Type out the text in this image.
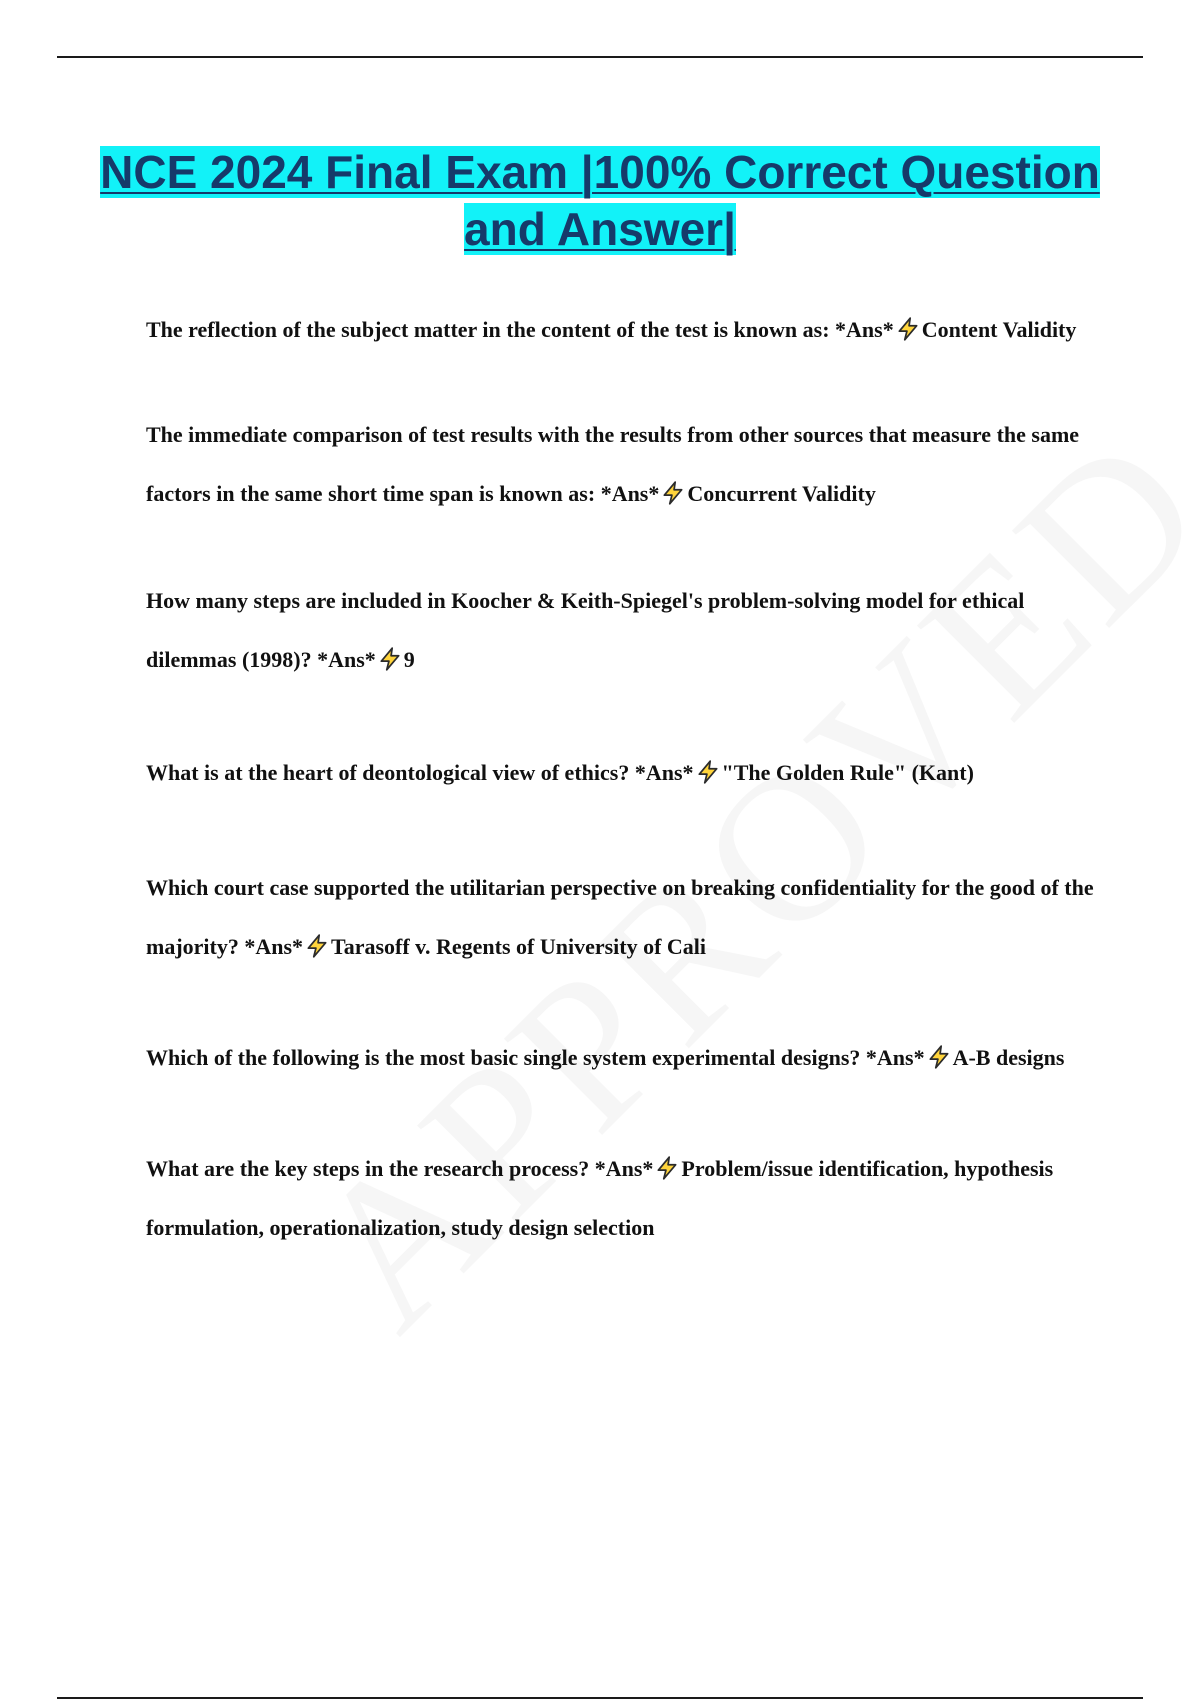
NCE 2024 Final Exam |100% Correct Question and Answer|

The reflection of the subject matter in the content of the test is known as: *Ans* Content Validity

The immediate comparison of test results with the results from other sources that measure the same factors in the same short time span is known as: *Ans* Concurrent Validity

How many steps are included in Koocher & Keith-Spiegel's problem-solving model for ethical dilemmas (1998)? *Ans* 9

What is at the heart of deontological view of ethics? *Ans* "The Golden Rule" (Kant)

Which court case supported the utilitarian perspective on breaking confidentiality for the good of the majority? *Ans* Tarasoff v. Regents of University of Cali

Which of the following is the most basic single system experimental designs? *Ans* A-B designs

What are the key steps in the research process? *Ans* Problem/issue identification, hypothesis formulation, operationalization, study design selection
